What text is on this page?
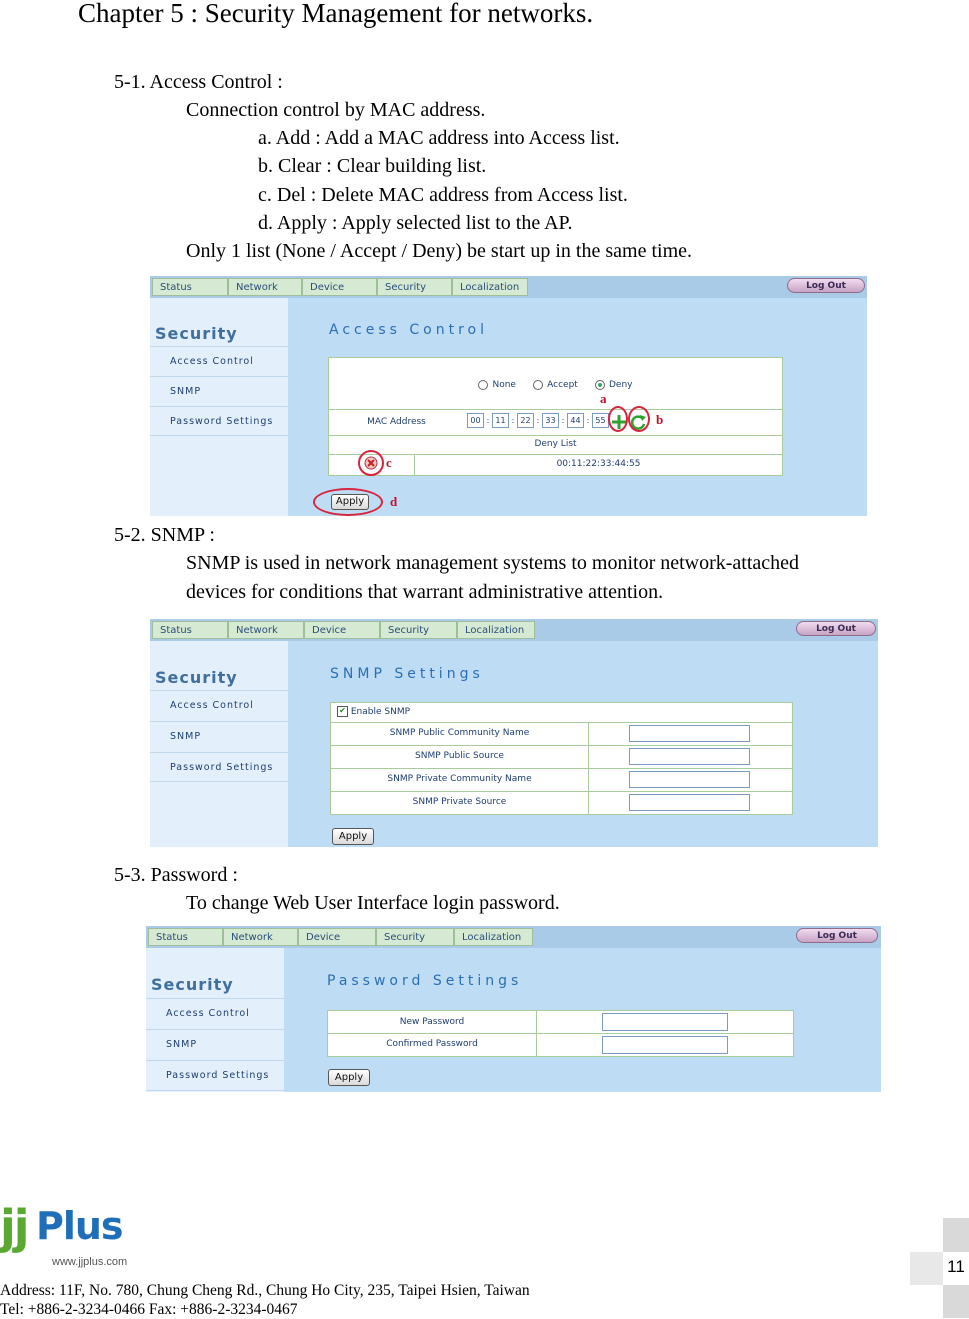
Chapter 5 : Security Management for networks.
5-1. Access Control :
Connection control by MAC address.
a. Add : Add a MAC address into Access list.
b. Clear : Clear building list.
c. Del : Delete MAC address from Access list.
d. Apply : Apply selected list to the AP.
Only 1 list (None / Accept / Deny) be start up in the same time.
Status	Network	Device	Security	Localization	Log Out
Security
Access Control
SNMP
Password Settings
Access Control
None	Accept	Deny
MAC Address	00 : 11 : 22 : 33 : 44 : 55
Deny List
00:11:22:33:44:55
Apply
a
b
c
d
5-2. SNMP :
SNMP is used in network management systems to monitor network-attached
devices for conditions that warrant administrative attention.
Status	Network	Device	Security	Localization	Log Out
Security
Access Control
SNMP
Password Settings
SNMP Settings
✔ Enable SNMP
SNMP Public Community Name
SNMP Public Source
SNMP Private Community Name
SNMP Private Source
Apply
5-3. Password :
To change Web User Interface login password.
Status	Network	Device	Security	Localization	Log Out
Security
Access Control
SNMP
Password Settings
Password Settings
New Password
Confirmed Password
Apply
jj Plus
www.jjplus.com
Address: 11F, No. 780, Chung Cheng Rd., Chung Ho City, 235, Taipei Hsien, Taiwan
Tel: +886-2-3234-0466 Fax: +886-2-3234-0467
11
